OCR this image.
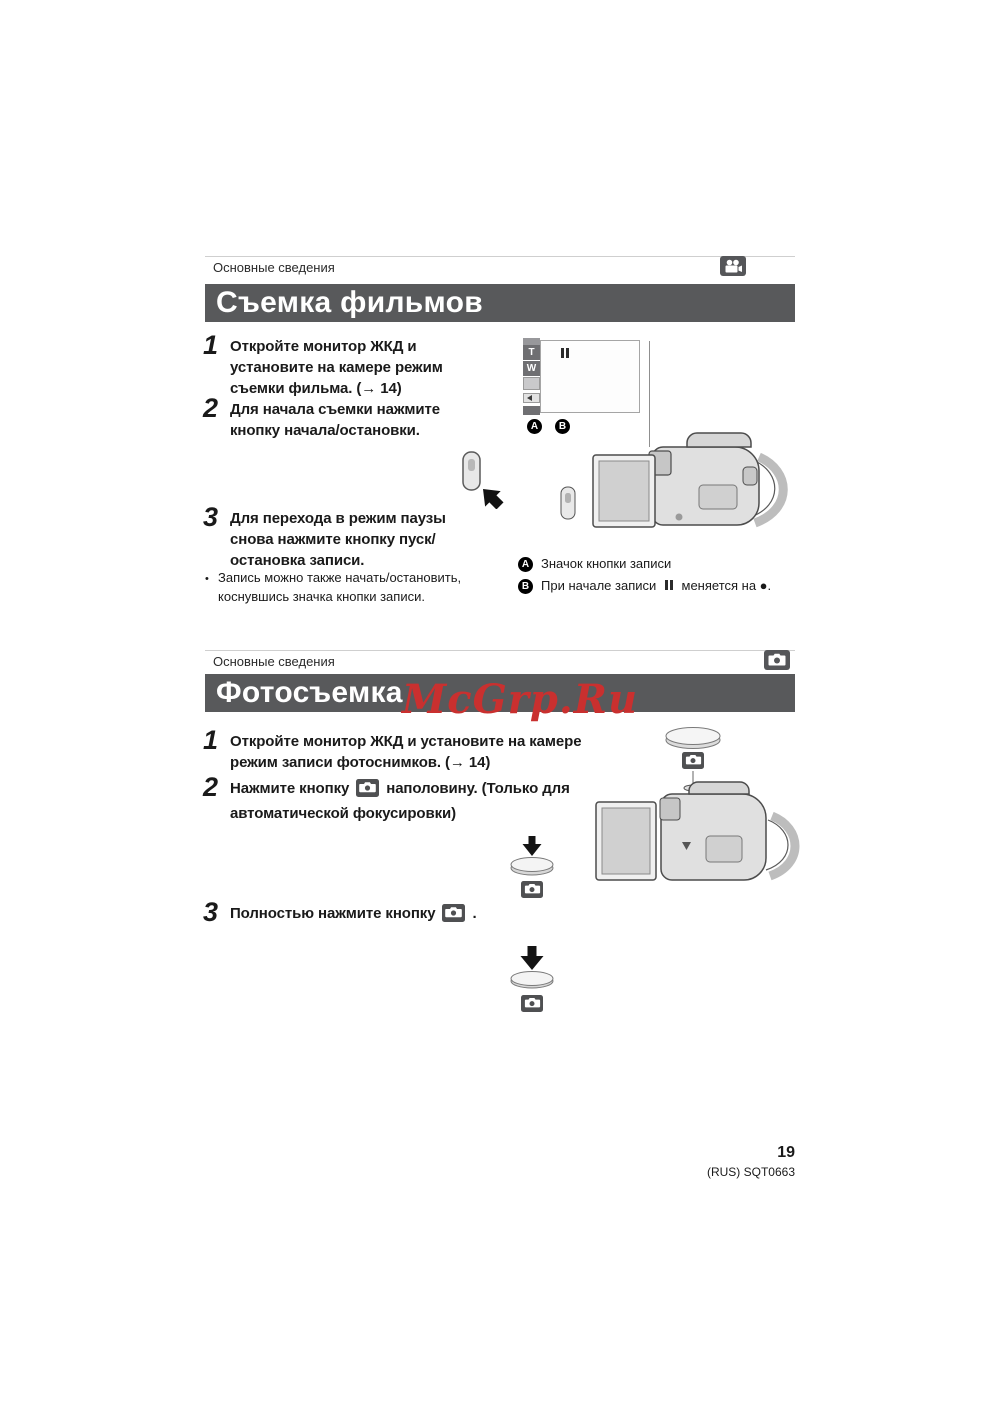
Основные сведения
Съемка фильмов
1 Откройте монитор ЖКД и установите на камере режим съемки фильма. (→ 14)
2 Для начала съемки нажмите кнопку начала/остановки.
3 Для перехода в режим паузы снова нажмите кнопку пуск/остановка записи.
• Запись можно также начать/остановить, коснувшись значка кнопки записи.
T
W
A	B
A Значок кнопки записи
B При начале записи меняется на ●.
Основные сведения
Фотосъемка McGrp.Ru
1 Откройте монитор ЖКД и установите на камере режим записи фотоснимков. (→ 14)
2 Нажмите кнопку наполовину. (Только для автоматической фокусировки)
3 Полностью нажмите кнопку .
19
(RUS) SQT0663
